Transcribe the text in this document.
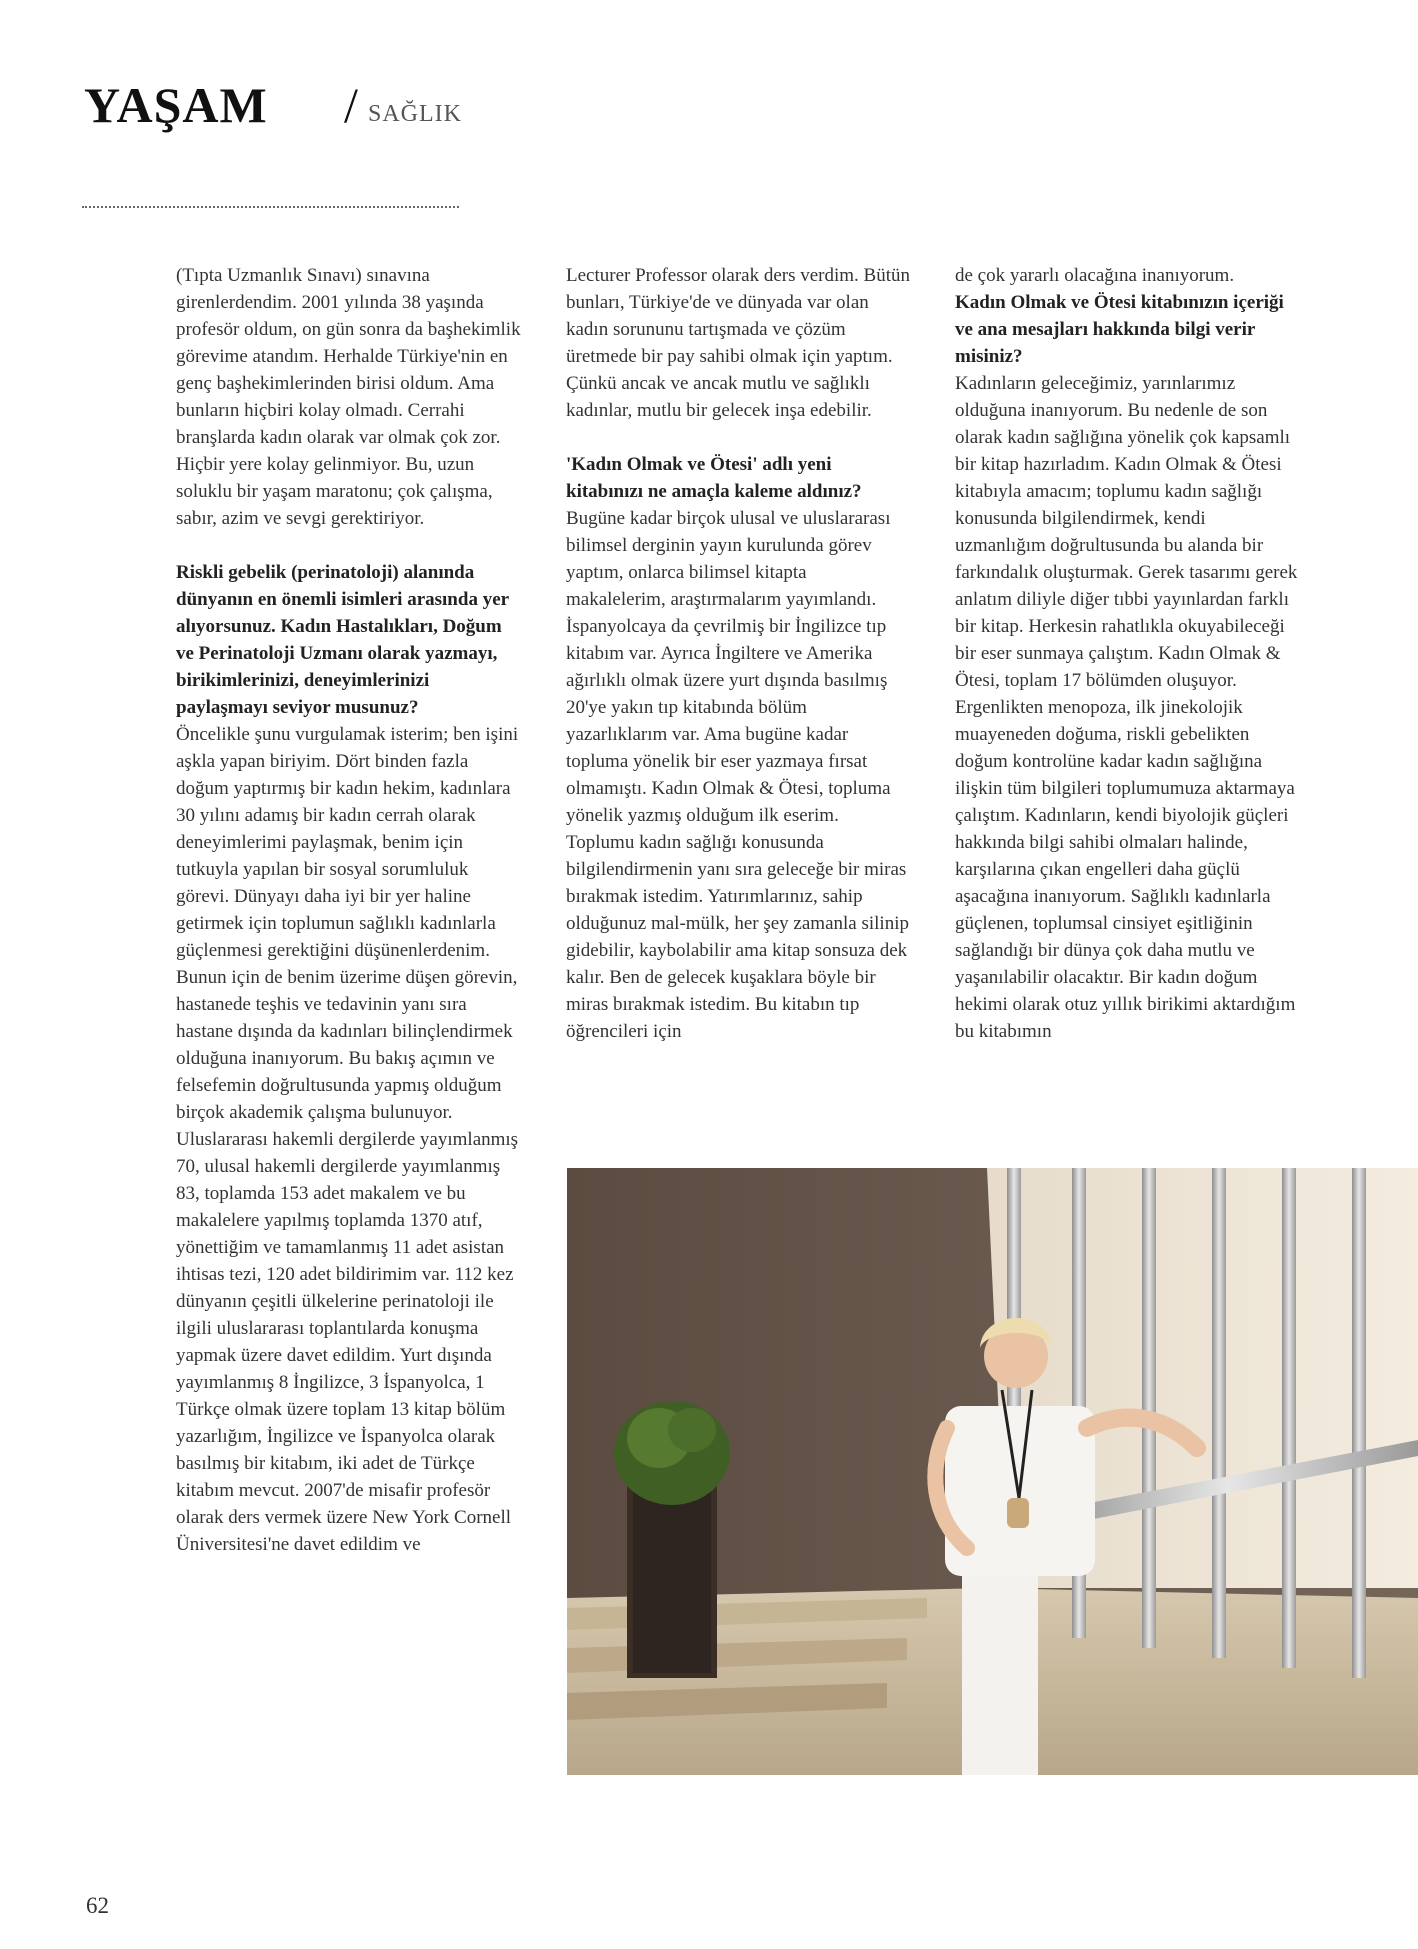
YAŞAM / SAĞLIK

(Tıpta Uzmanlık Sınavı) sınavına girenlerdendim. 2001 yılında 38 yaşında profesör oldum, on gün sonra da başhekimlik görevime atandım. Herhalde Türkiye'nin en genç başhekimlerinden birisi oldum. Ama bunların hiçbiri kolay olmadı. Cerrahi branşlarda kadın olarak var olmak çok zor. Hiçbir yere kolay gelinmiyor. Bu, uzun soluklu bir yaşam maratonu; çok çalışma, sabır, azim ve sevgi gerektiriyor.

Riskli gebelik (perinatoloji) alanında dünyanın en önemli isimleri arasında yer alıyorsunuz. Kadın Hastalıkları, Doğum ve Perinatoloji Uzmanı olarak yazmayı, birikimlerinizi, deneyimlerinizi paylaşmayı seviyor musunuz?

Öncelikle şunu vurgulamak isterim; ben işini aşkla yapan biriyim. Dört binden fazla doğum yaptırmış bir kadın hekim, kadınlara 30 yılını adamış bir kadın cerrah olarak deneyimlerimi paylaşmak, benim için tutkuyla yapılan bir sosyal sorumluluk görevi. Dünyayı daha iyi bir yer haline getirmek için toplumun sağlıklı kadınlarla güçlenmesi gerektiğini düşünenlerdenim. Bunun için de benim üzerime düşen görevin, hastanede teşhis ve tedavinin yanı sıra hastane dışında da kadınları bilinçlendirmek olduğuna inanıyorum. Bu bakış açımın ve felsefemin doğrultusunda yapmış olduğum birçok akademik çalışma bulunuyor. Uluslararası hakemli dergilerde yayımlanmış 70, ulusal hakemli dergilerde yayımlanmış 83, toplamda 153 adet makalem ve bu makalelere yapılmış toplamda 1370 atıf, yönettiğim ve tamamlanmış 11 adet asistan ihtisas tezi, 120 adet bildirimim var. 112 kez dünyanın çeşitli ülkelerine perinatoloji ile ilgili uluslararası toplantılarda konuşma yapmak üzere davet edildim. Yurt dışında yayımlanmış 8 İngilizce, 3 İspanyolca, 1 Türkçe olmak üzere toplam 13 kitap bölüm yazarlığım, İngilizce ve İspanyolca olarak basılmış bir kitabım, iki adet de Türkçe kitabım mevcut. 2007'de misafir profesör olarak ders vermek üzere New York Cornell Üniversitesi'ne davet edildim ve

Lecturer Professor olarak ders verdim. Bütün bunları, Türkiye'de ve dünyada var olan kadın sorununu tartışmada ve çözüm üretmede bir pay sahibi olmak için yaptım. Çünkü ancak ve ancak mutlu ve sağlıklı kadınlar, mutlu bir gelecek inşa edebilir.

'Kadın Olmak ve Ötesi' adlı yeni kitabınızı ne amaçla kaleme aldınız?

Bugüne kadar birçok ulusal ve uluslararası bilimsel derginin yayın kurulunda görev yaptım, onlarca bilimsel kitapta makalelerim, araştırmalarım yayımlandı. İspanyolcaya da çevrilmiş bir İngilizce tıp kitabım var. Ayrıca İngiltere ve Amerika ağırlıklı olmak üzere yurt dışında basılmış 20'ye yakın tıp kitabında bölüm yazarlıklarım var. Ama bugüne kadar topluma yönelik bir eser yazmaya fırsat olmamıştı. Kadın Olmak & Ötesi, topluma yönelik yazmış olduğum ilk eserim. Toplumu kadın sağlığı konusunda bilgilendirmenin yanı sıra geleceğe bir miras bırakmak istedim. Yatırımlarınız, sahip olduğunuz mal-mülk, her şey zamanla silinip gidebilir, kaybolabilir ama kitap sonsuza dek kalır. Ben de gelecek kuşaklara böyle bir miras bırakmak istedim. Bu kitabın tıp öğrencileri için

de çok yararlı olacağına inanıyorum.

Kadın Olmak ve Ötesi kitabınızın içeriği ve ana mesajları hakkında bilgi verir misiniz?

Kadınların geleceğimiz, yarınlarımız olduğuna inanıyorum. Bu nedenle de son olarak kadın sağlığına yönelik çok kapsamlı bir kitap hazırladım. Kadın Olmak & Ötesi kitabıyla amacım; toplumu kadın sağlığı konusunda bilgilendirmek, kendi uzmanlığım doğrultusunda bu alanda bir farkındalık oluşturmak. Gerek tasarımı gerek anlatım diliyle diğer tıbbi yayınlardan farklı bir kitap. Herkesin rahatlıkla okuyabileceği bir eser sunmaya çalıştım. Kadın Olmak & Ötesi, toplam 17 bölümden oluşuyor. Ergenlikten menopoza, ilk jinekolojik muayeneden doğuma, riskli gebelikten doğum kontrolüne kadar kadın sağlığına ilişkin tüm bilgileri toplumumuza aktarmaya çalıştım. Kadınların, kendi biyolojik güçleri hakkında bilgi sahibi olmaları halinde, karşılarına çıkan engelleri daha güçlü aşacağına inanıyorum. Sağlıklı kadınlarla güçlenen, toplumsal cinsiyet eşitliğinin sağlandığı bir dünya çok daha mutlu ve yaşanılabilir olacaktır. Bir kadın doğum hekimi olarak otuz yıllık birikimi aktardığım bu kitabımın

62
